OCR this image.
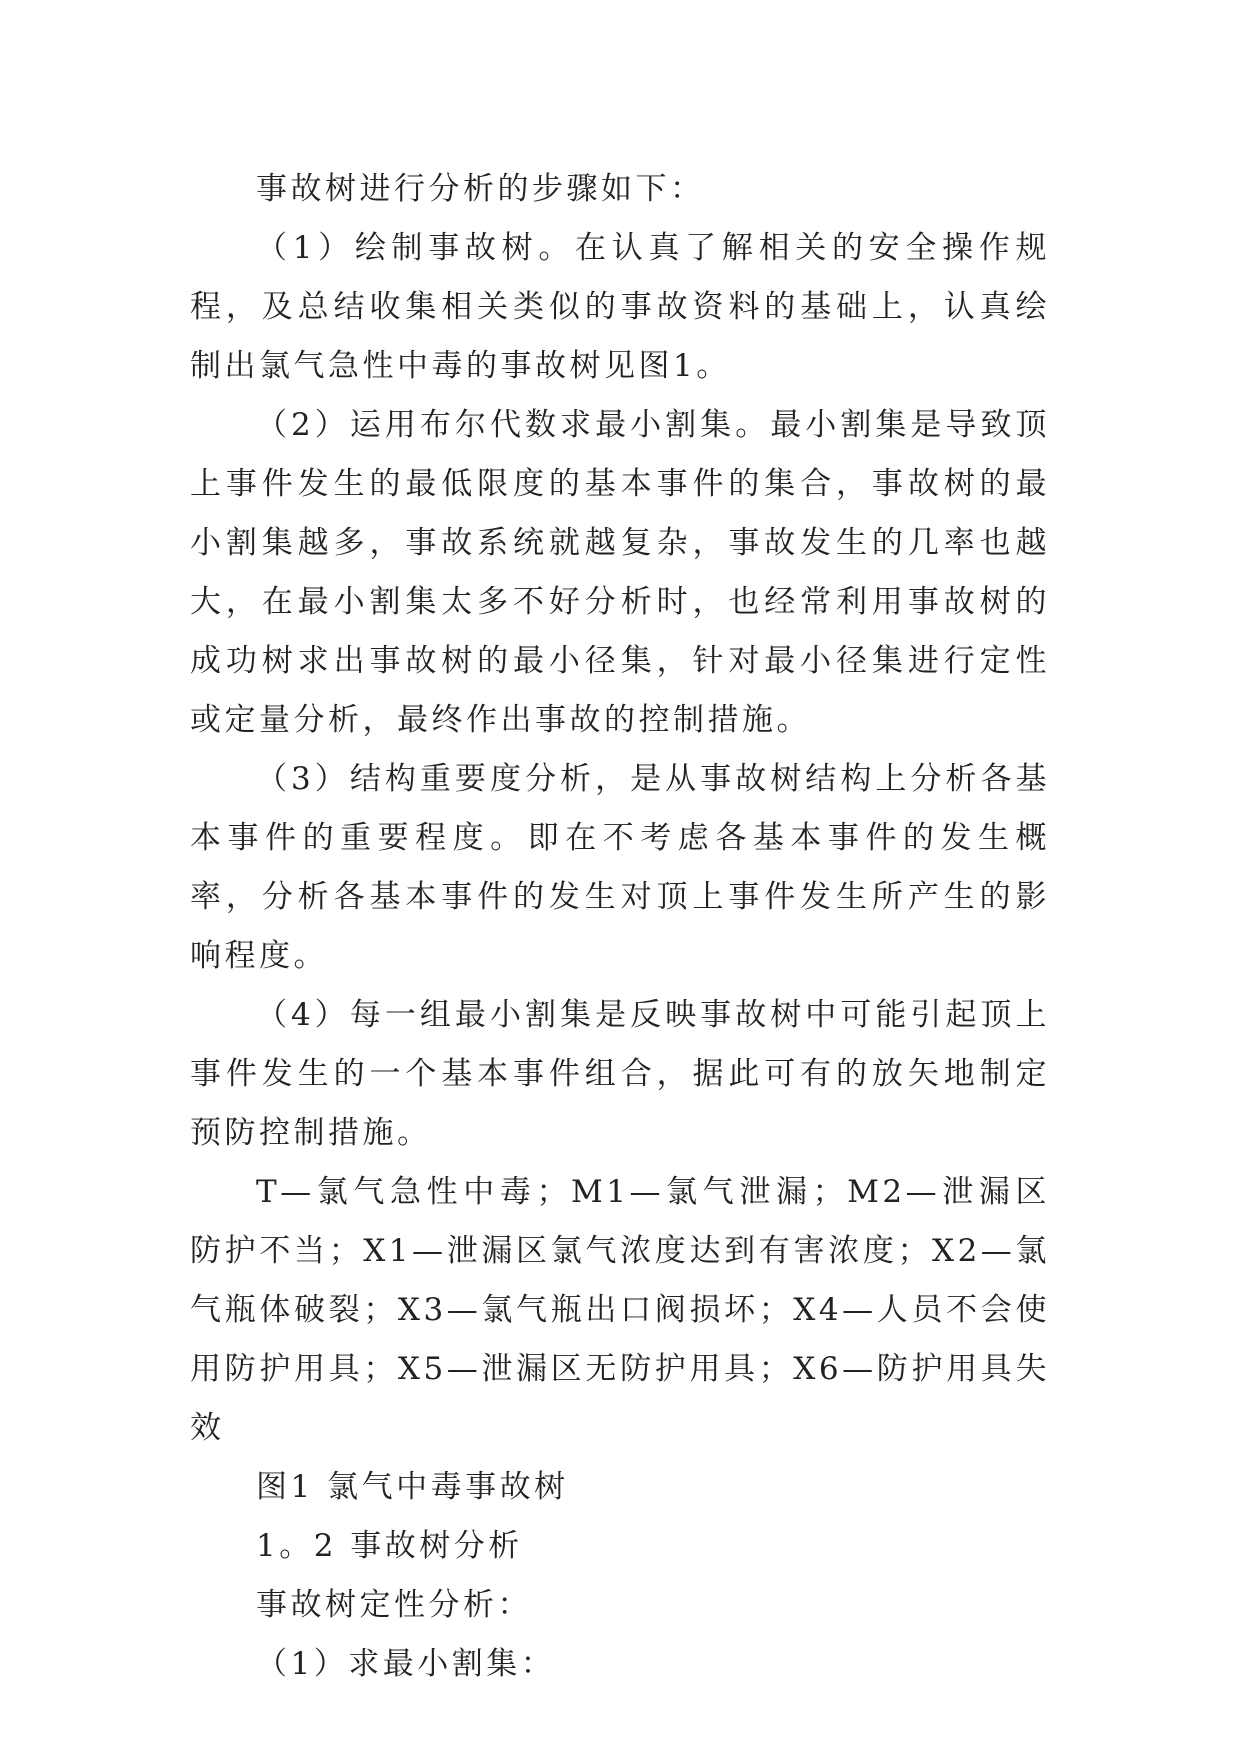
事故树进行分析的步骤如下：

（1）绘制事故树。在认真了解相关的安全操作规程，及总结收集相关类似的事故资料的基础上，认真绘制出氯气急性中毒的事故树见图1。

（2）运用布尔代数求最小割集。最小割集是导致顶上事件发生的最低限度的基本事件的集合，事故树的最小割集越多，事故系统就越复杂，事故发生的几率也越大，在最小割集太多不好分析时，也经常利用事故树的成功树求出事故树的最小径集，针对最小径集进行定性或定量分析，最终作出事故的控制措施。

（3）结构重要度分析，是从事故树结构上分析各基本事件的重要程度。即在不考虑各基本事件的发生概率，分析各基本事件的发生对顶上事件发生所产生的影响程度。

（4）每一组最小割集是反映事故树中可能引起顶上事件发生的一个基本事件组合，据此可有的放矢地制定预防控制措施。

T—氯气急性中毒；M1—氯气泄漏；M2—泄漏区防护不当；X1—泄漏区氯气浓度达到有害浓度；X2—氯气瓶体破裂；X3—氯气瓶出口阀损坏；X4—人员不会使用防护用具；X5—泄漏区无防护用具；X6—防护用具失效

图1 氯气中毒事故树

1。2 事故树分析

事故树定性分析：

（1）求最小割集：
